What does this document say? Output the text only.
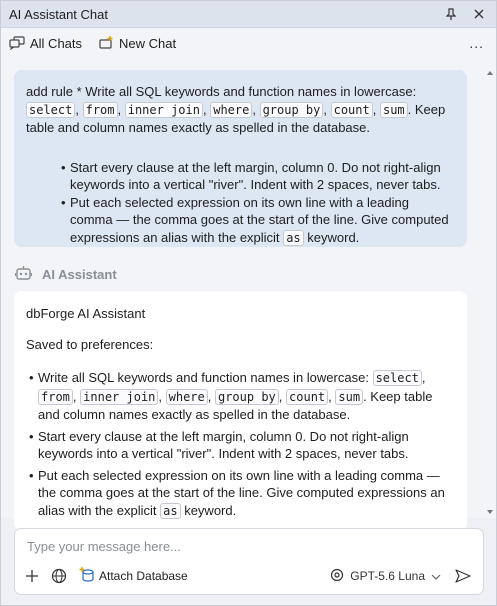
AI Assistant Chat
All Chats	New Chat	...
add rule * Write all SQL keywords and function names in lowercase:
select , from , inner join , where , group by , count , sum . Keep table and column names exactly as spelled in the database.
• Start every clause at the left margin, column 0. Do not right-align keywords into a vertical "river". Indent with 2 spaces, never tabs.
• Put each selected expression on its own line with a leading comma — the comma goes at the start of the line. Give computed expressions an alias with the explicit as keyword.
AI Assistant

dbForge AI Assistant

Saved to preferences:

• Write all SQL keywords and function names in lowercase: select , from , inner join , where , group by , count , sum . Keep table and column names exactly as spelled in the database.
• Start every clause at the left margin, column 0. Do not right-align keywords into a vertical "river". Indent with 2 spaces, never tabs.
• Put each selected expression on its own line with a leading comma — the comma goes at the start of the line. Give computed expressions an alias with the explicit as keyword.
Type your message here...
Attach Database	GPT-5.6 Luna
